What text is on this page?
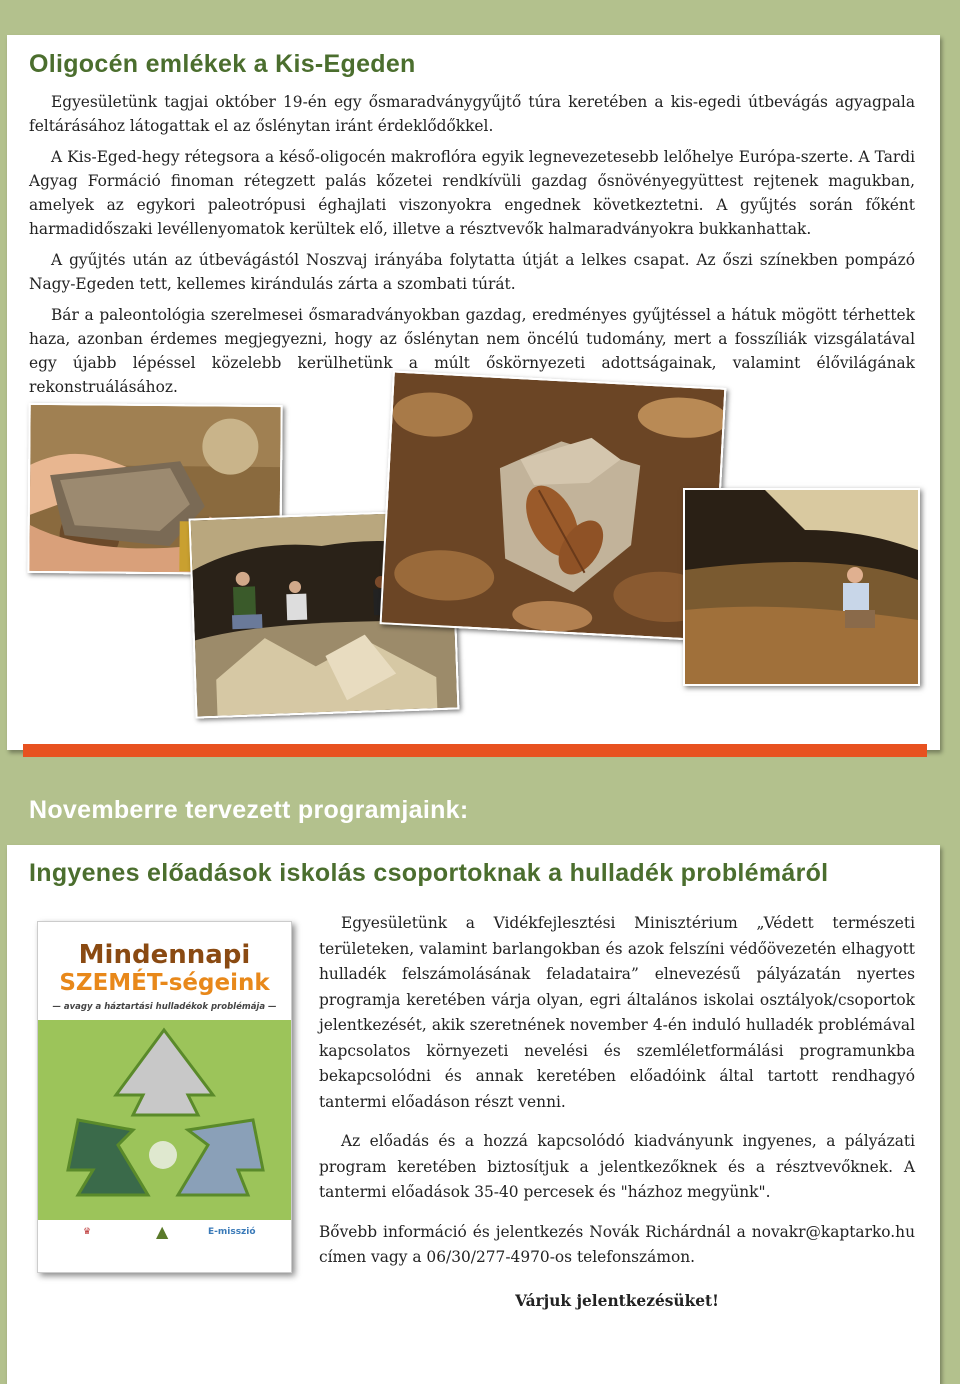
Oligocén emlékek a Kis-Egeden

Egyesületünk tagjai október 19-én egy ősmaradványgyűjtő túra keretében a kis-egedi útbevágás agyagpala feltárásához látogattak el az őslénytan iránt érdeklődőkkel.

A Kis-Eged-hegy rétegsora a késő-oligocén makroflóra egyik legnevezetesebb lelőhelye Európa-szerte. A Tardi Agyag Formáció finoman rétegzett palás kőzetei rendkívüli gazdag ősnövényegyüttest rejtenek magukban, amelyek az egykori paleotrópusi éghajlati viszonyokra engednek következtetni. A gyűjtés során főként harmadidőszaki levéllenyomatok kerültek elő, illetve a résztvevők halmaradványokra bukkanhattak.

A gyűjtés után az útbevágástól Noszvaj irányába folytatta útját a lelkes csapat. Az őszi színekben pompázó Nagy-Egeden tett, kellemes kirándulás zárta a szombati túrát.

Bár a paleontológia szerelmesei ősmaradványokban gazdag, eredményes gyűjtéssel a hátuk mögött térhettek haza, azonban érdemes megjegyezni, hogy az őslénytan nem öncélú tudomány, mert a fosszíliák vizsgálatával egy újabb lépéssel közelebb kerülhetünk a múlt őskörnyezeti adottságainak, valamint élővilágának rekonstruálásához.

Novemberre tervezett programjaink:
Ingyenes előadások iskolás csoportoknak a hulladék problémáról
Mindennapi
SZEMÉT-ségeink
— avagy a háztartási hulladékok problémája —
♛	▲	E-misszió

Egyesületünk a Vidékfejlesztési Minisztérium „Védett természeti területeken, valamint barlangokban és azok felszíni védőövezetén elhagyott hulladék felszámolásának feladataira” elnevezésű pályázatán nyertes programja keretében várja olyan, egri általános iskolai osztályok/csoportok jelentkezését, akik szeretnének november 4-én induló hulladék problémával kapcsolatos környezeti nevelési és szemléletformálási programunkba bekapcsolódni és annak keretében előadóink által tartott rendhagyó tantermi előadáson részt venni.

Az előadás és a hozzá kapcsolódó kiadványunk ingyenes, a pályázati program keretében biztosítjuk a jelentkezőknek és a résztvevőknek. A tantermi előadások 35-40 percesek és "házhoz megyünk".

Bővebb információ és jelentkezés Novák Richárdnál a novakr@kaptarko.hu címen vagy a 06/30/277-4970-os telefonszámon.

Várjuk jelentkezésüket!
